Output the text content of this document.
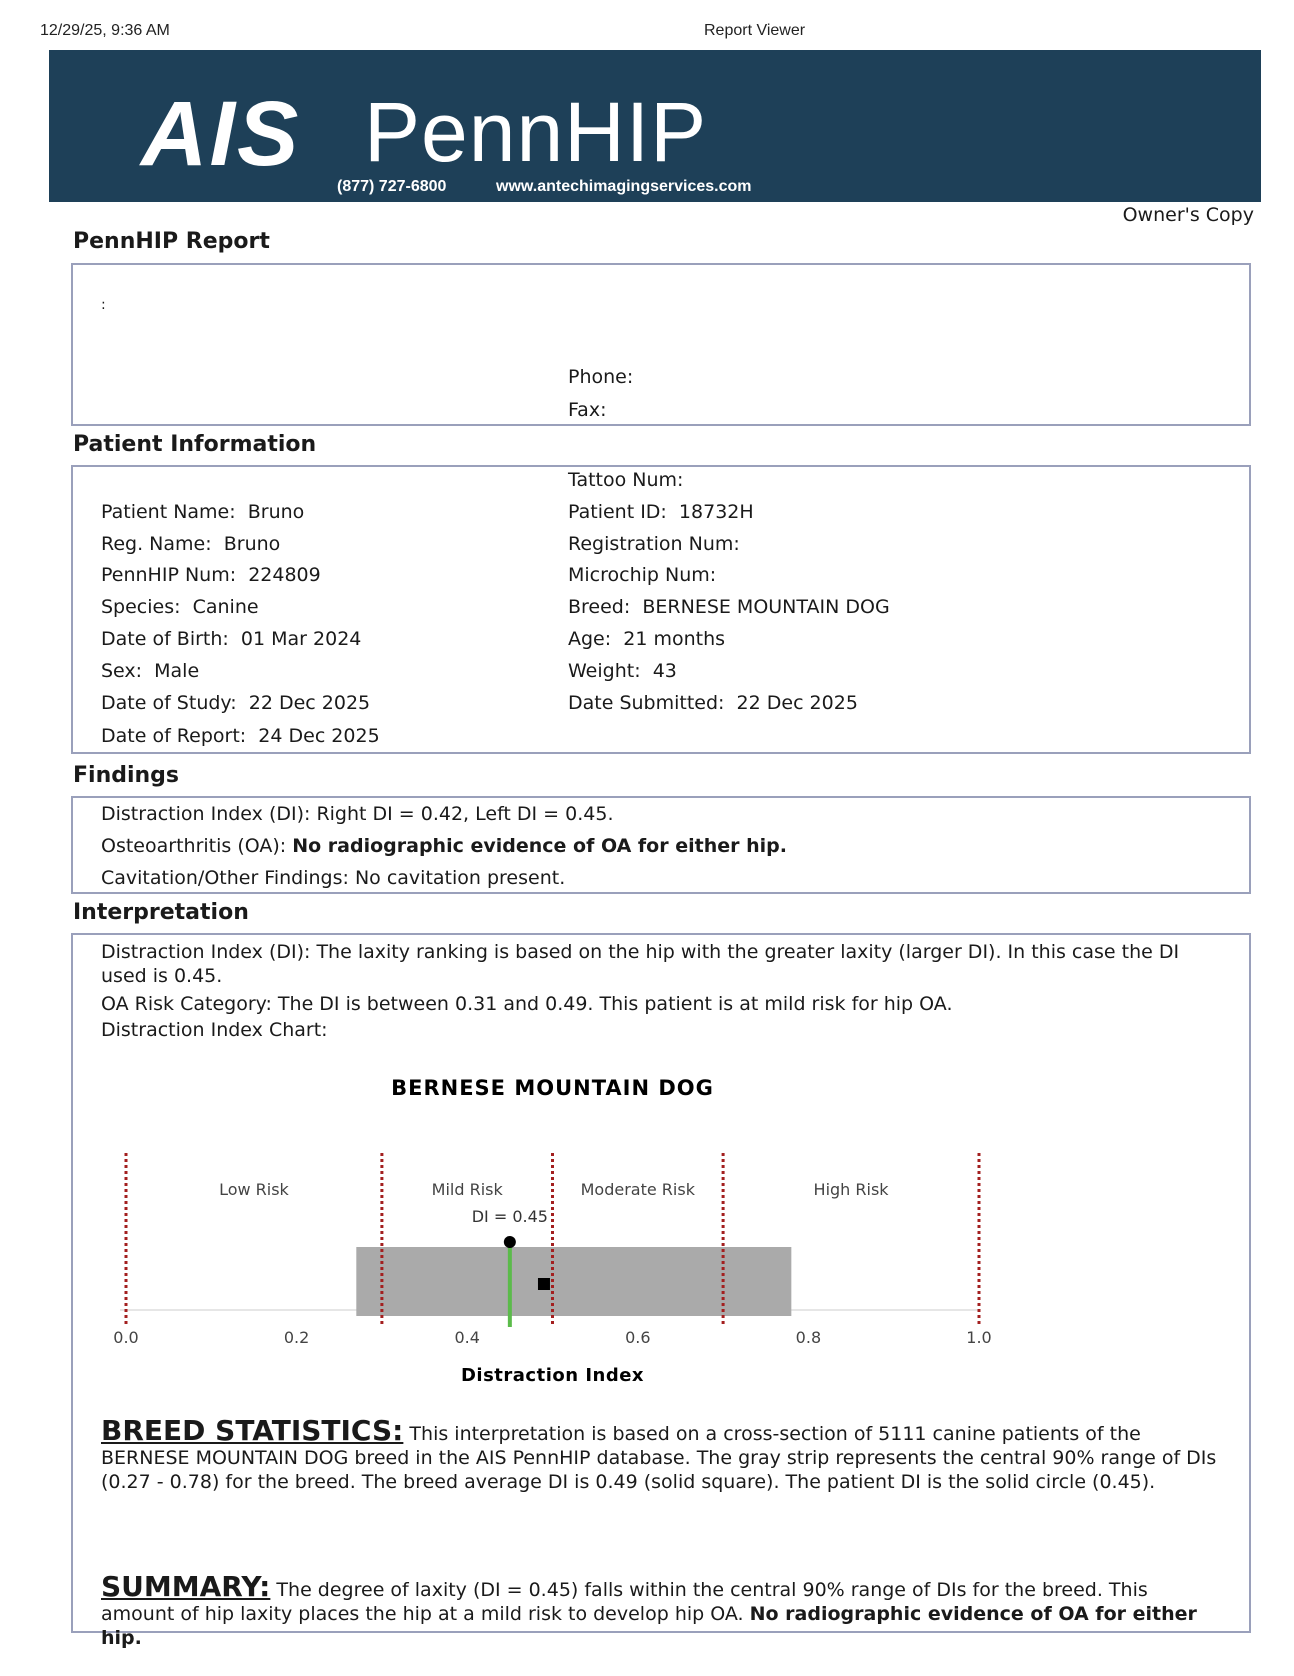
12/29/25, 9:36 AM	Report Viewer
AIS PennHIP
(877) 727-6800	www.antechimagingservices.com
Owner's Copy
PennHIP Report
:
Phone:
Fax:
Patient Information
Patient Name:  Bruno
Reg. Name:  Bruno
PennHIP Num:  224809
Species:  Canine
Date of Birth:  01 Mar 2024
Sex:  Male
Date of Study:  22 Dec 2025
Date of Report:  24 Dec 2025
Tattoo Num:
Patient ID:  18732H
Registration Num:
Microchip Num:
Breed:  BERNESE MOUNTAIN DOG
Age:  21 months
Weight:  43
Date Submitted:  22 Dec 2025
Findings
Distraction Index (DI): Right DI = 0.42, Left DI = 0.45.
Osteoarthritis (OA): No radiographic evidence of OA for either hip.
Cavitation/Other Findings: No cavitation present.
Interpretation
Distraction Index (DI): The laxity ranking is based on the hip with the greater laxity (larger DI). In this case the DI used is 0.45.
OA Risk Category: The DI is between 0.31 and 0.49. This patient is at mild risk for hip OA.
Distraction Index Chart:
BERNESE MOUNTAIN DOG
Low Risk	Mild Risk	Moderate Risk	High Risk
DI = 0.45
0.0	0.2	0.4	0.6	0.8	1.0
Distraction Index
BREED STATISTICS: This interpretation is based on a cross-section of 5111 canine patients of the BERNESE MOUNTAIN DOG breed in the AIS PennHIP database. The gray strip represents the central 90% range of DIs (0.27 - 0.78) for the breed. The breed average DI is 0.49 (solid square). The patient DI is the solid circle (0.45).
SUMMARY: The degree of laxity (DI = 0.45) falls within the central 90% range of DIs for the breed. This amount of hip laxity places the hip at a mild risk to develop hip OA. No radiographic evidence of OA for either hip.
